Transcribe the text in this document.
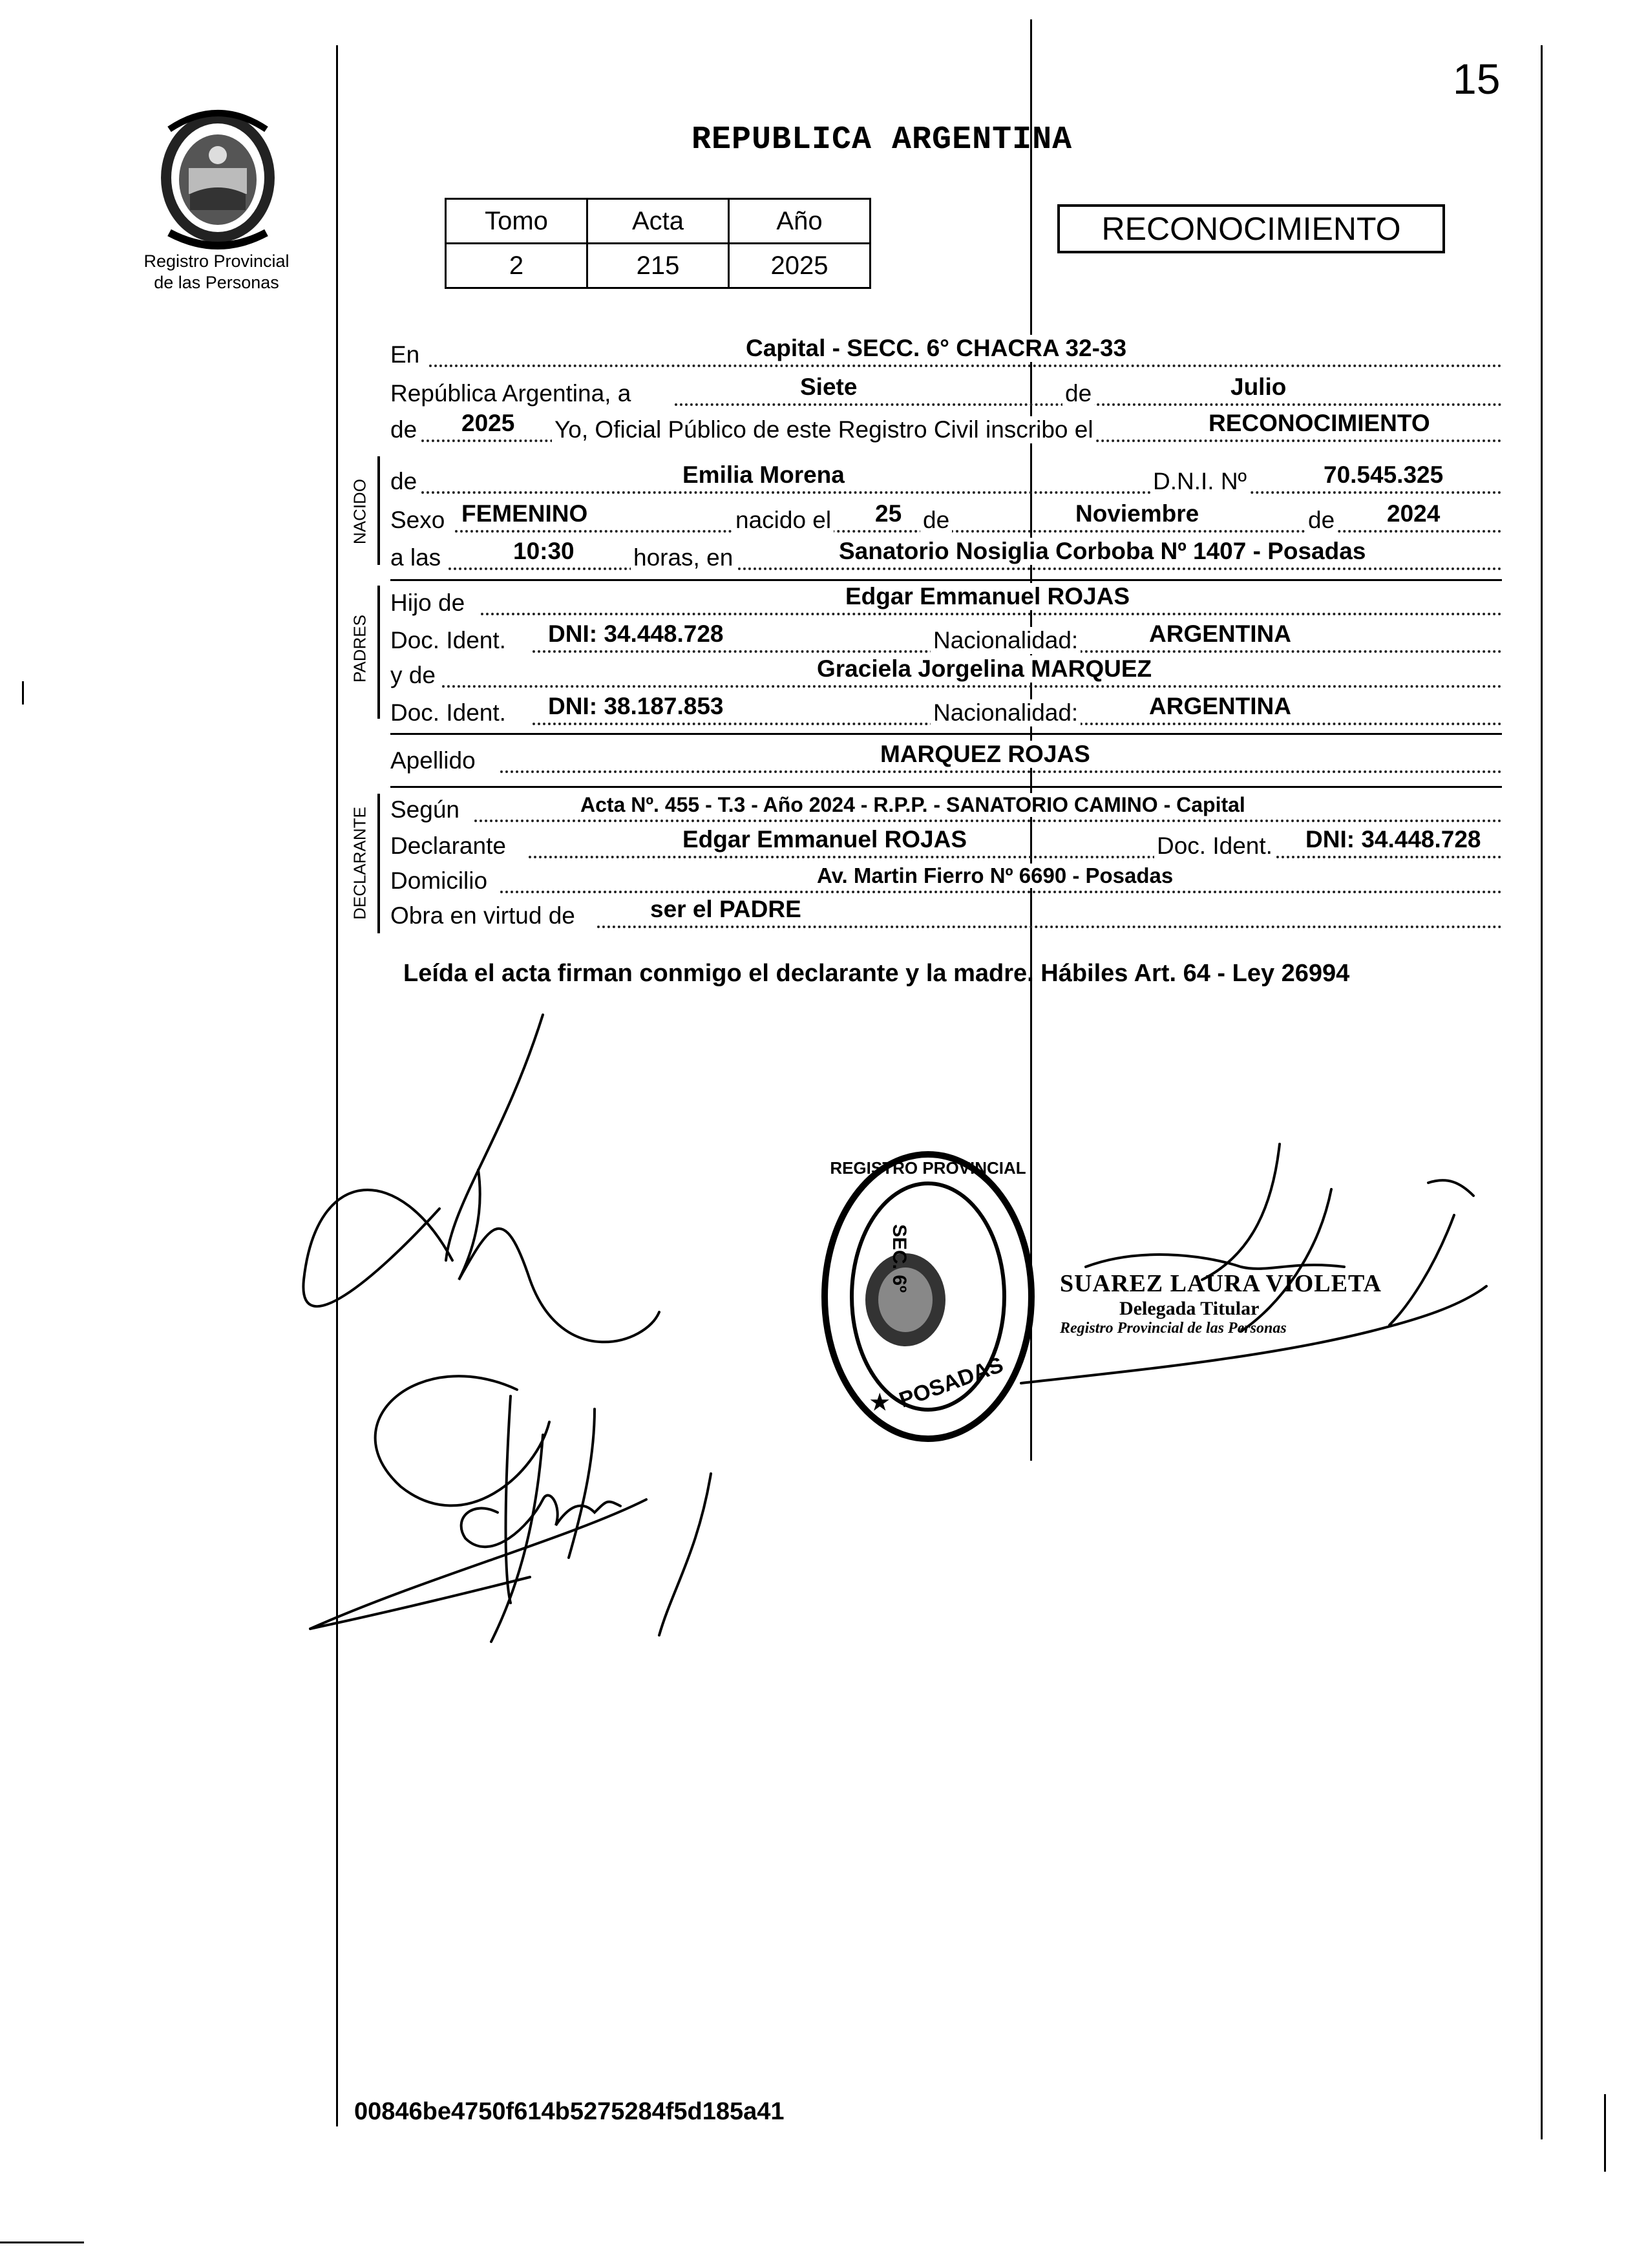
15
Registro Provincial
de las Personas
REPUBLICA ARGENTINA
Tomo	Acta	Año
2	215	2025
RECONOCIMIENTO
En	Capital - SECC. 6° CHACRA 32-33
República Argentina, a	Siete	de	Julio
de 2025 Yo, Oficial Público de este Registro Civil inscribo el	RECONOCIMIENTO
NACIDO de	Emilia Morena	D.N.I. Nº	70.545.325
Sexo FEMENINO	nacido el 25 de	Noviembre	de 2024
a las	10:30 horas, en	Sanatorio Nosiglia Corboba Nº 1407 - Posadas
PADRES
Hijo de	Edgar Emmanuel ROJAS
Doc. Ident. DNI: 34.448.728	Nacionalidad:	ARGENTINA
y de	Graciela Jorgelina MARQUEZ
Doc. Ident. DNI: 38.187.853	Nacionalidad:	ARGENTINA
Apellido	MARQUEZ ROJAS
DECLARANTE Según	Acta Nº. 455 - T.3 - Año 2024 - R.P.P. - SANATORIO CAMINO - Capital
Declarante	Edgar Emmanuel ROJAS	Doc. Ident. DNI: 34.448.728
Domicilio	Av. Martin Fierro Nº 6690 - Posadas
Obra en virtud de	ser el PADRE
Leída el acta firman conmigo el declarante y la madre. Hábiles Art. 64 - Ley 26994
REGISTRO PROVINCIAL
★ POSADAS
SEC. 6º	SUAREZ LAURA VIOLETA
Delegada Titular
Registro Provincial de las Personas
00846be4750f614b5275284f5d185a41
